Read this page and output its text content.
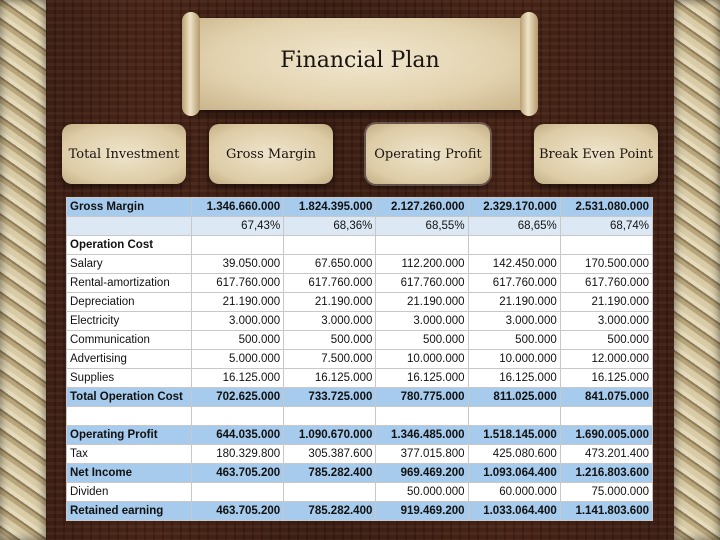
Financial Plan
Total Investment	Gross Margin	Operating Profit	Break Even Point
Gross Margin	1.346.660.000	1.824.395.000	2.127.260.000	2.329.170.000	2.531.080.000
	67,43%	68,36%	68,55%	68,65%	68,74%
Operation Cost					
Salary	39.050.000	67.650.000	112.200.000	142.450.000	170.500.000
Rental-amortization	617.760.000	617.760.000	617.760.000	617.760.000	617.760.000
Depreciation	21.190.000	21.190.000	21.190.000	21.190.000	21.190.000
Electricity	3.000.000	3.000.000	3.000.000	3.000.000	3.000.000
Communication	500.000	500.000	500.000	500.000	500.000
Advertising	5.000.000	7.500.000	10.000.000	10.000.000	12.000.000
Supplies	16.125.000	16.125.000	16.125.000	16.125.000	16.125.000
Total Operation Cost	702.625.000	733.725.000	780.775.000	811.025.000	841.075.000

Operating Profit	644.035.000	1.090.670.000	1.346.485.000	1.518.145.000	1.690.005.000
Tax	180.329.800	305.387.600	377.015.800	425.080.600	473.201.400
Net Income	463.705.200	785.282.400	969.469.200	1.093.064.400	1.216.803.600
Dividen			50.000.000	60.000.000	75.000.000
Retained earning	463.705.200	785.282.400	919.469.200	1.033.064.400	1.141.803.600
